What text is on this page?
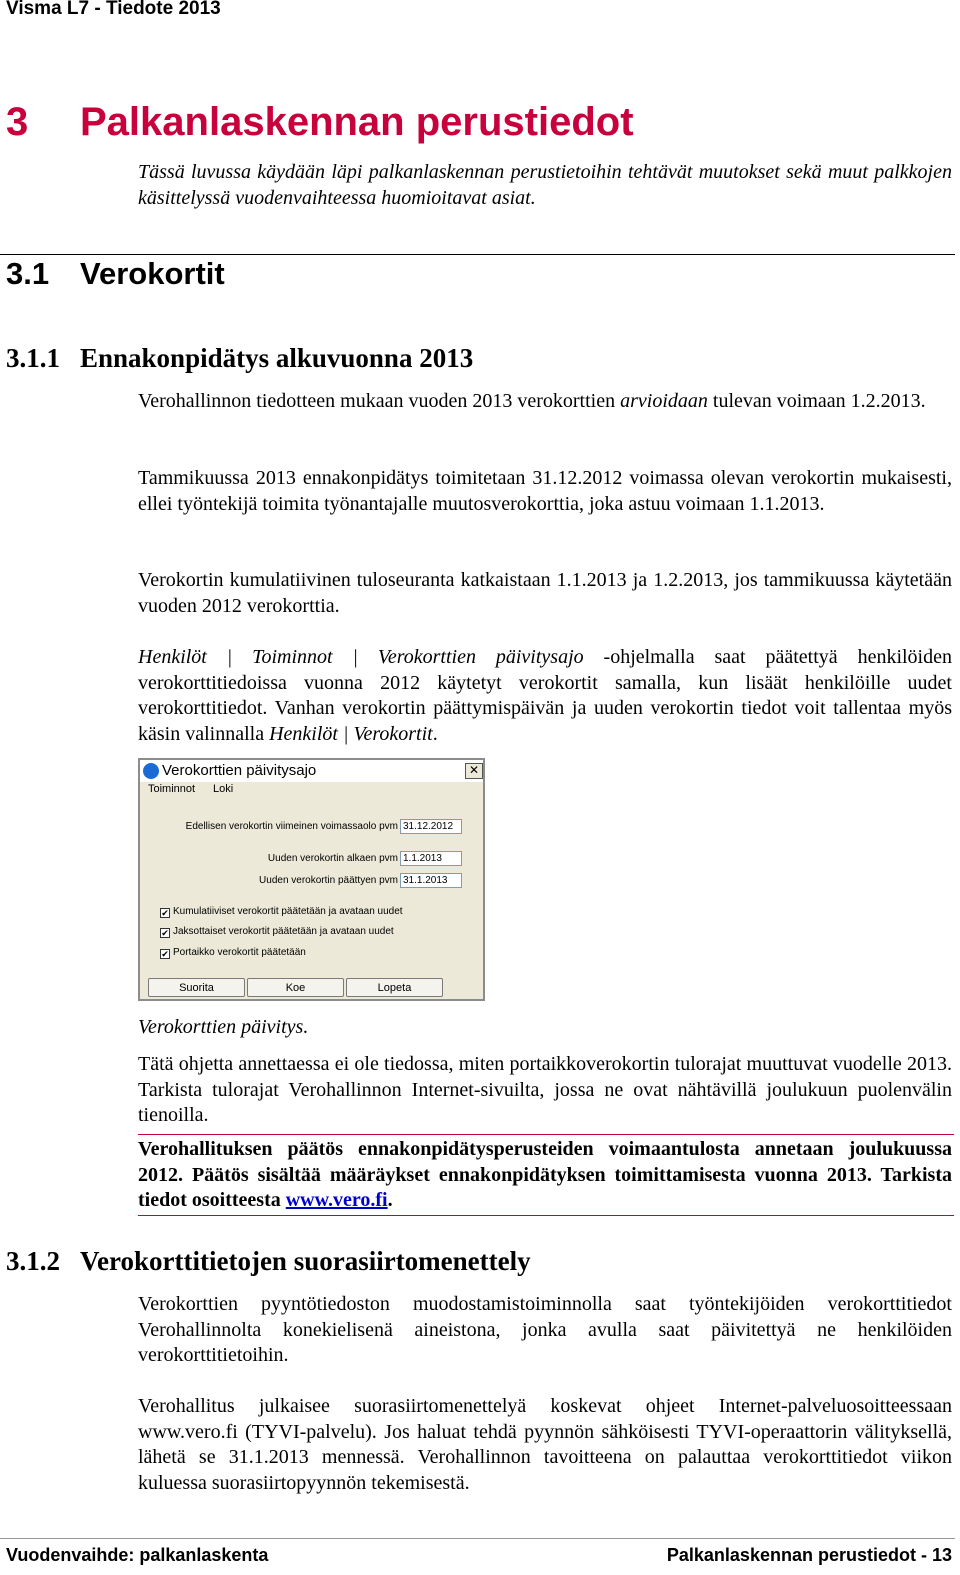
Visma L7 - Tiedote 2013
3 Palkanlaskennan perustiedot
Tässä luvussa käydään läpi palkanlaskennan perustietoihin tehtävät muutokset sekä muut palkkojen käsittelyssä vuodenvaihteessa huomioitavat asiat.
3.1 Verokortit
3.1.1 Ennakonpidätys alkuvuonna 2013
Verohallinnon tiedotteen mukaan vuoden 2013 verokorttien arvioidaan tulevan voimaan 1.2.2013.
Tammikuussa 2013 ennakonpidätys toimitetaan 31.12.2012 voimassa olevan verokortin mukaisesti, ellei työntekijä toimita työnantajalle muutosverokorttia, joka astuu voimaan 1.1.2013.
Verokortin kumulatiivinen tuloseuranta katkaistaan 1.1.2013 ja 1.2.2013, jos tammikuussa käytetään vuoden 2012 verokorttia.
Henkilöt | Toiminnot | Verokorttien päivitysajo -ohjelmalla saat päätettyä henkilöiden verokorttitiedoissa vuonna 2012 käytetyt verokortit samalla, kun lisäät henkilöille uudet verokorttitiedot. Vanhan verokortin päättymispäivän ja uuden verokortin tiedot voit tallentaa myös käsin valinnalla Henkilöt | Verokortit.
Verokorttien päivitysajo	✕
Toiminnot Loki
Edellisen verokortin viimeinen voimassaolo pvm 31.12.2012
Uuden verokortin alkaen pvm 1.1.2013
Uuden verokortin päättyen pvm 31.1.2013
✔ Kumulatiiviset verokortit päätetään ja avataan uudet
✔ Jaksottaiset verokortit päätetään ja avataan uudet
✔ Portaikko verokortit päätetään
Suorita	Koe	Lopeta
Verokorttien päivitys.
Tätä ohjetta annettaessa ei ole tiedossa, miten portaikkoverokortin tulorajat muuttuvat vuodelle 2013. Tarkista tulorajat Verohallinnon Internet-sivuilta, jossa ne ovat nähtävillä joulukuun puolenvälin tienoilla.
Verohallituksen päätös ennakonpidätysperusteiden voimaantulosta annetaan joulukuussa 2012. Päätös sisältää määräykset ennakonpidätyksen toimittamisesta vuonna 2013. Tarkista tiedot osoitteesta www.vero.fi.
3.1.2 Verokorttitietojen suorasiirtomenettely
Verokorttien pyyntötiedoston muodostamistoiminnolla saat työntekijöiden verokorttitiedot Verohallinnolta konekielisenä aineistona, jonka avulla saat päivitettyä ne henkilöiden verokorttitietoihin.
Verohallitus julkaisee suorasiirtomenettelyä koskevat ohjeet Internet-palveluosoitteessaan www.vero.fi (TYVI-palvelu). Jos haluat tehdä pyynnön sähköisesti TYVI-operaattorin välityksellä, lähetä se 31.1.2013 mennessä. Verohallinnon tavoitteena on palauttaa verokorttitiedot viikon kuluessa suorasiirtopyynnön tekemisestä.
Vuodenvaihde: palkanlaskenta	Palkanlaskennan perustiedot - 13
